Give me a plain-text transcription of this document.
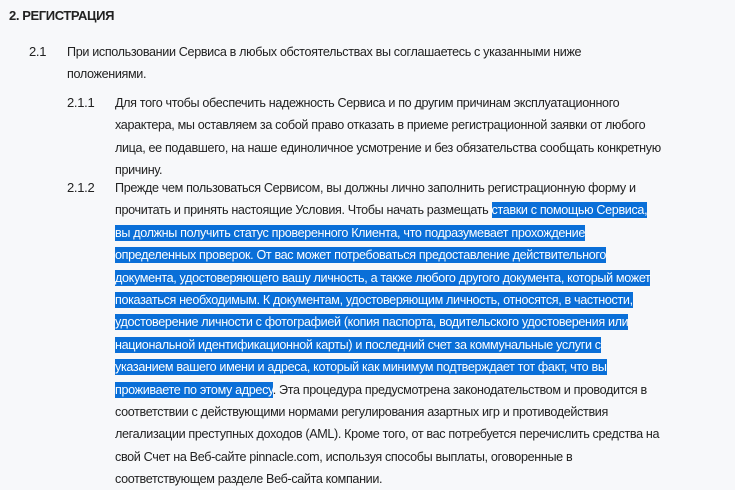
2. РЕГИСТРАЦИЯ
2.1 При использовании Сервиса в любых обстоятельствах вы соглашаетесь с указанными ниже
положениями.
2.1.1 Для того чтобы обеспечить надежность Сервиса и по другим причинам эксплуатационного
характера, мы оставляем за собой право отказать в приеме регистрационной заявки от любого
лица, ее подавшего, на наше единоличное усмотрение и без обязательства сообщать конкретную
причину.
2.1.2 Прежде чем пользоваться Сервисом, вы должны лично заполнить регистрационную форму и
прочитать и принять настоящие Условия. Чтобы начать размещать ставки с помощью Сервиса,
вы должны получить статус проверенного Клиента, что подразумевает прохождение
определенных проверок. От вас может потребоваться предоставление действительного
документа, удостоверяющего вашу личность, а также любого другого документа, который может
показаться необходимым. К документам, удостоверяющим личность, относятся, в частности,
удостоверение личности с фотографией (копия паспорта, водительского удостоверения или
национальной идентификационной карты) и последний счет за коммунальные услуги с
указанием вашего имени и адреса, который как минимум подтверждает тот факт, что вы
проживаете по этому адресу. Эта процедура предусмотрена законодательством и проводится в
соответствии с действующими нормами регулирования азартных игр и противодействия
легализации преступных доходов (AML). Кроме того, от вас потребуется перечислить средства на
свой Счет на Веб-сайте pinnacle.com, используя способы выплаты, оговоренные в
соответствующем разделе Веб-сайта компании.
